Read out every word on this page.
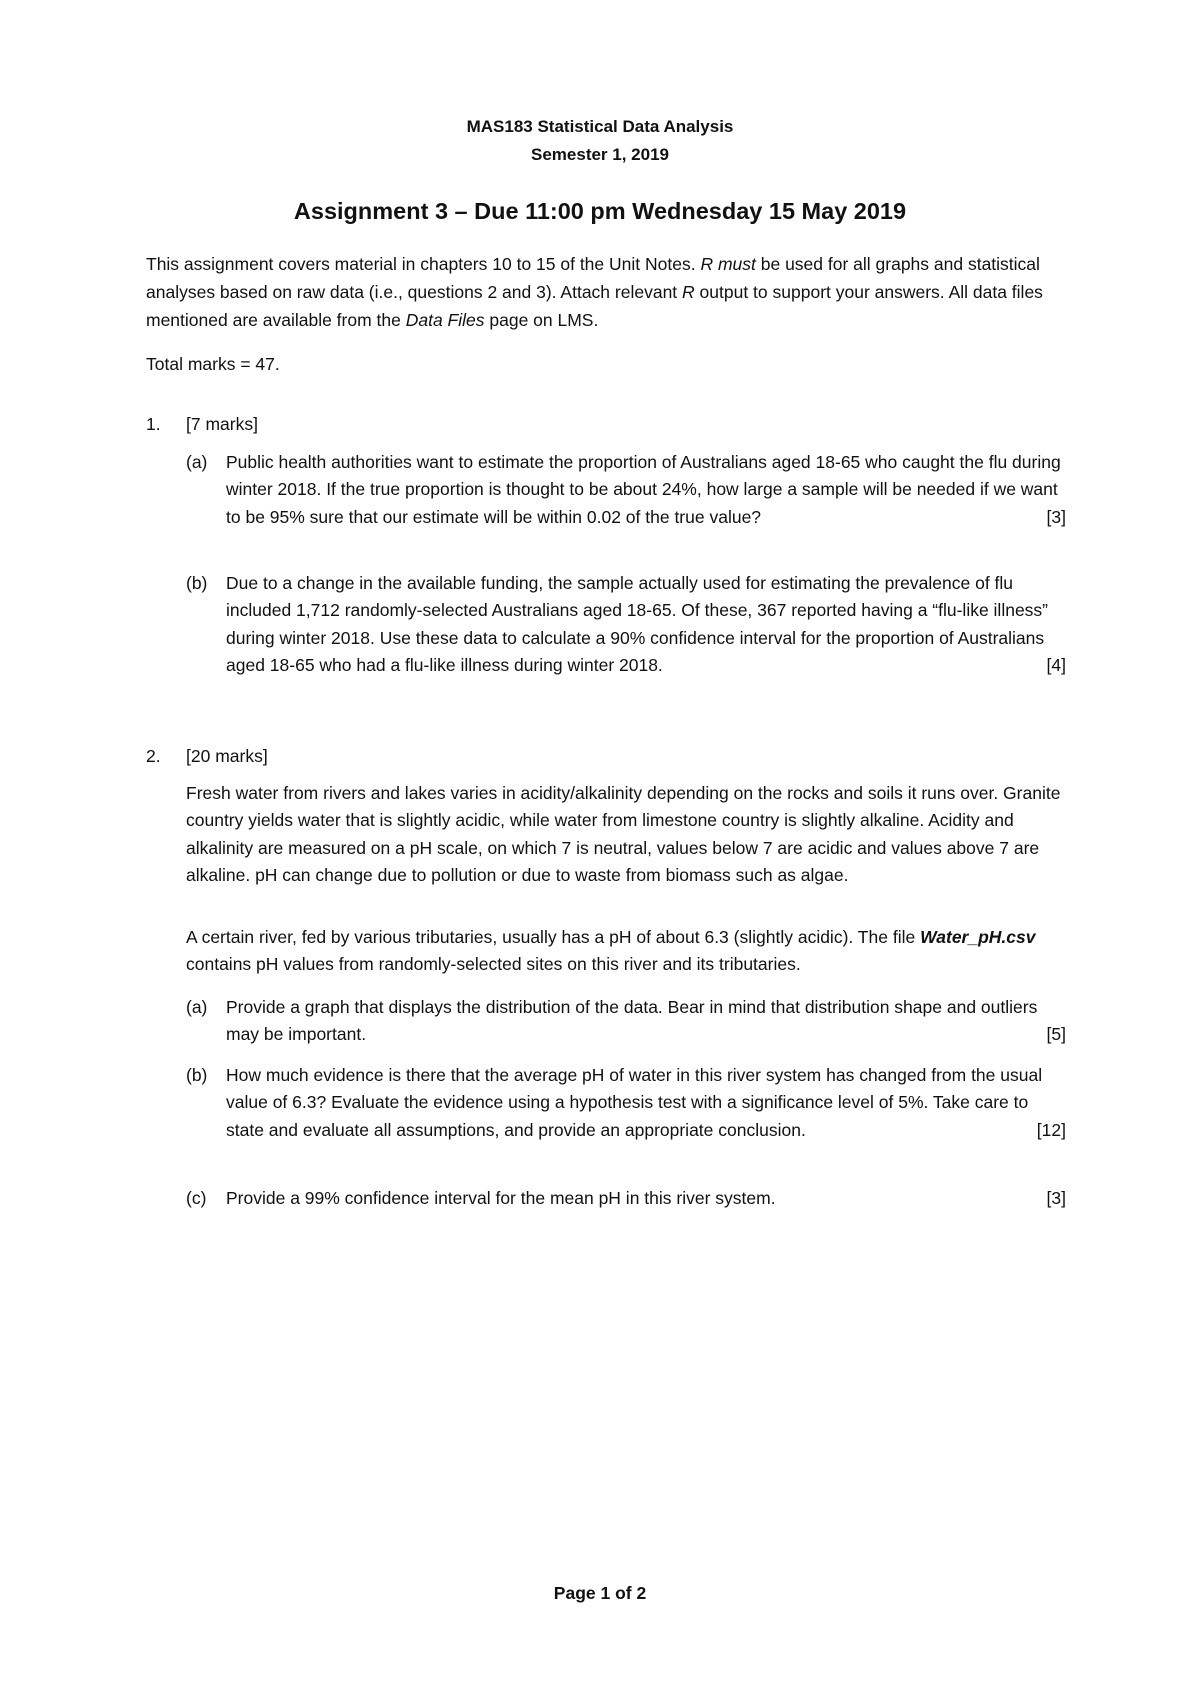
MAS183 Statistical Data Analysis
Semester 1, 2019
Assignment 3 – Due 11:00 pm Wednesday 15 May 2019

This assignment covers material in chapters 10 to 15 of the Unit Notes. R must be used for all graphs and statistical analyses based on raw data (i.e., questions 2 and 3). Attach relevant R output to support your answers. All data files mentioned are available from the Data Files page on LMS.

Total marks = 47.

1. [7 marks]
(a) Public health authorities want to estimate the proportion of Australians aged 18-65 who caught the flu during winter 2018. If the true proportion is thought to be about 24%, how large a sample will be needed if we want to be 95% sure that our estimate will be within 0.02 of the true value?	[3]
(b) Due to a change in the available funding, the sample actually used for estimating the prevalence of flu included 1,712 randomly-selected Australians aged 18-65. Of these, 367 reported having a “flu-like illness” during winter 2018. Use these data to calculate a 90% confidence interval for the proportion of Australians aged 18-65 who had a flu-like illness during winter 2018.	[4]
2. [20 marks]

Fresh water from rivers and lakes varies in acidity/alkalinity depending on the rocks and soils it runs over. Granite country yields water that is slightly acidic, while water from limestone country is slightly alkaline. Acidity and alkalinity are measured on a pH scale, on which 7 is neutral, values below 7 are acidic and values above 7 are alkaline. pH can change due to pollution or due to waste from biomass such as algae.

A certain river, fed by various tributaries, usually has a pH of about 6.3 (slightly acidic). The file Water_pH.csv contains pH values from randomly-selected sites on this river and its tributaries.

(a) Provide a graph that displays the distribution of the data. Bear in mind that distribution shape and outliers may be important.	[5]
(b) How much evidence is there that the average pH of water in this river system has changed from the usual value of 6.3? Evaluate the evidence using a hypothesis test with a significance level of 5%. Take care to state and evaluate all assumptions, and provide an appropriate conclusion.	[12]
(c) Provide a 99% confidence interval for the mean pH in this river system.	[3]
Page 1 of 2
